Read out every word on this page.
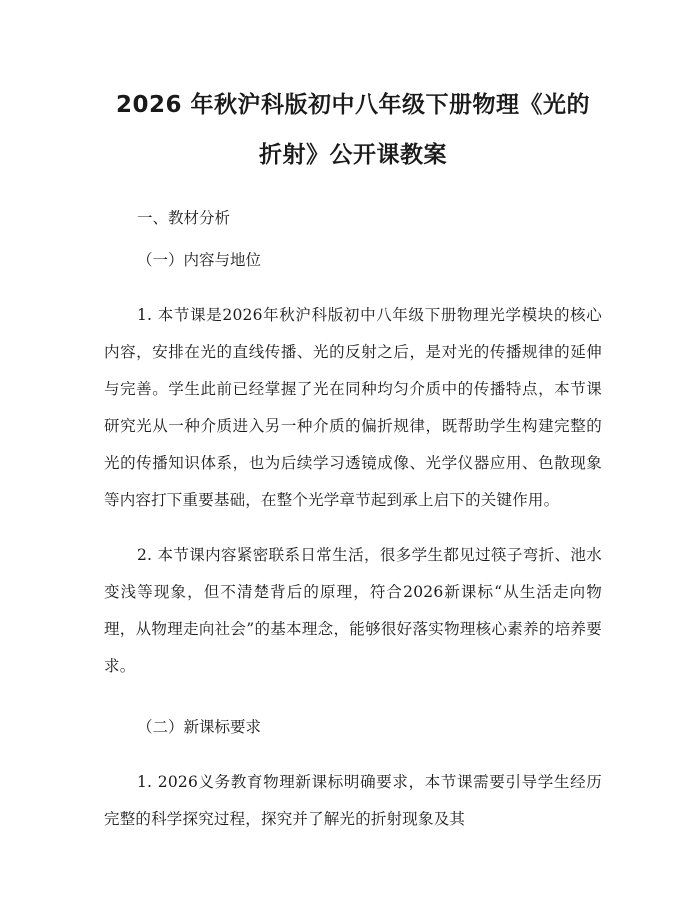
2026 年秋沪科版初中八年级下册物理《光的
折射》公开课教案

一、教材分析

（一）内容与地位

1. 本节课是2026年秋沪科版初中八年级下册物理光学模块的核心内容，安排在光的直线传播、光的反射之后，是对光的传播规律的延伸与完善。学生此前已经掌握了光在同种均匀介质中的传播特点，本节课研究光从一种介质进入另一种介质的偏折规律，既帮助学生构建完整的光的传播知识体系，也为后续学习透镜成像、光学仪器应用、色散现象等内容打下重要基础，在整个光学章节起到承上启下的关键作用。

2. 本节课内容紧密联系日常生活，很多学生都见过筷子弯折、池水变浅等现象，但不清楚背后的原理，符合2026新课标“从生活走向物理，从物理走向社会”的基本理念，能够很好落实物理核心素养的培养要求。

（二）新课标要求

1. 2026义务教育物理新课标明确要求，本节课需要引导学生经历完整的科学探究过程，探究并了解光的折射现象及其
